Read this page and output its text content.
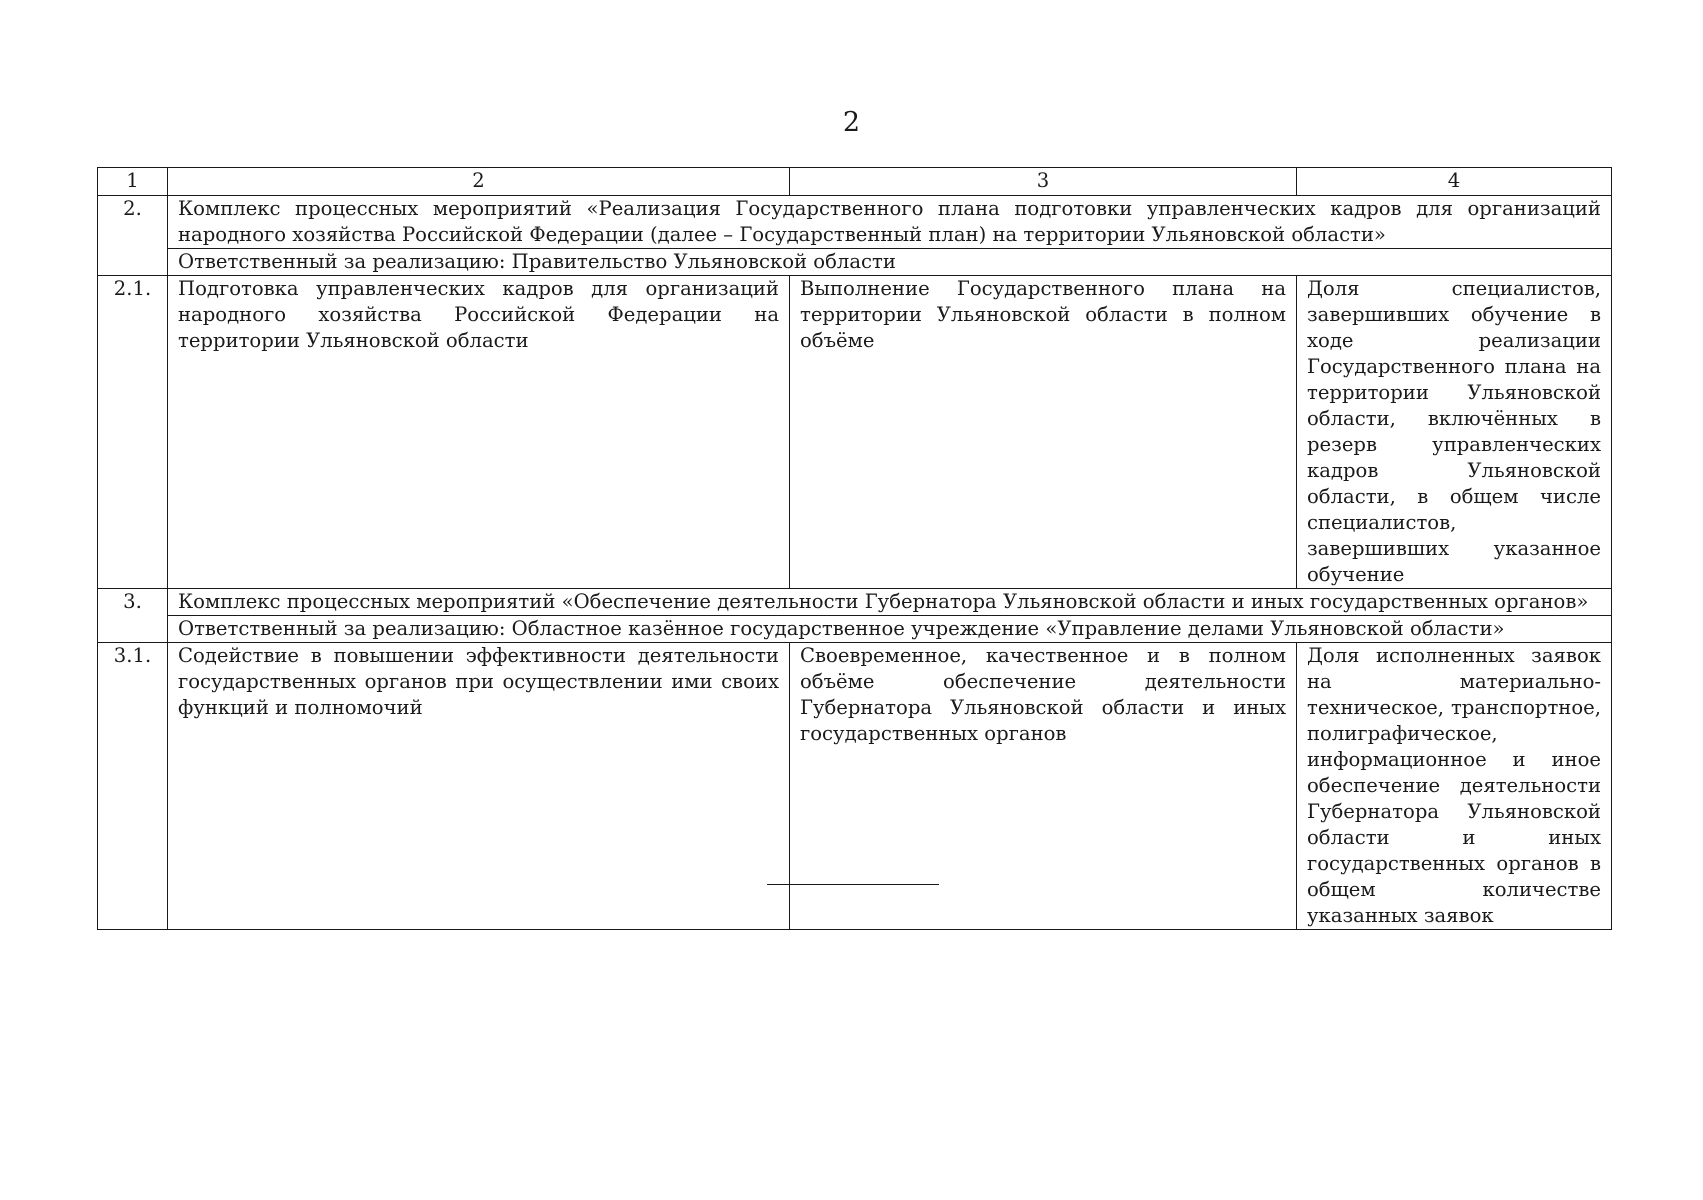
2
1	2	3	4
2.	Комплекс процессных мероприятий «Реализация Государственного плана подготовки управленческих кадров для организаций народного хозяйства Российской Федерации (далее – Государственный план) на территории Ульяновской области»		
	Ответственный за реализацию: Правительство Ульяновской области		
2.1.	Подготовка управленческих кадров для организаций народного хозяйства Российской Федерации на территории Ульяновской области	Выполнение Государственного плана на территории Ульяновской области в полном объёме	Доля специалистов, завершивших обучение в ходе реализации Государственного плана на территории Ульяновской области, включённых в резерв управленческих кадров Ульяновской области, в общем числе специалистов, завершивших указанное обучение
3.	Комплекс процессных мероприятий «Обеспечение деятельности Губернатора Ульяновской области и иных государственных органов»		
	Ответственный за реализацию: Областное казённое государственное учреждение «Управление делами Ульяновской области»		
3.1.	Содействие в повышении эффективности деятельности государственных органов при осуществлении ими своих функций и полномочий	Своевременное, качественное и в полном объёме обеспечение деятельности Губернатора Ульяновской области и иных государственных органов	Доля исполненных заявок на материально-техническое, транспортное, полиграфическое, информационное и иное обеспечение деятельности Губернатора Ульяновской области и иных государственных органов в общем количестве указанных заявок
